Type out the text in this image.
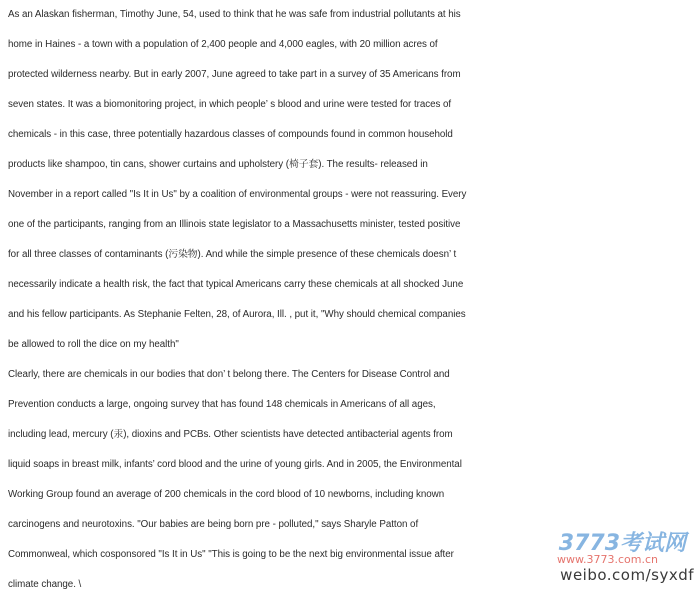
As an Alaskan fisherman, Timothy June, 54, used to think that he was safe from industrial pollutants at his
home in Haines - a town with a population of 2,400 people and 4,000 eagles, with 20 million acres of
protected wilderness nearby. But in early 2007, June agreed to take part in a survey of 35 Americans from
seven states. It was a biomonitoring project, in which people’ s blood and urine were tested for traces of
chemicals - in this case, three potentially hazardous classes of compounds found in common household
products like shampoo, tin cans, shower curtains and upholstery (椅子套). The results- released in
November in a report called "Is It in Us" by a coalition of environmental groups - were not reassuring. Every
one of the participants, ranging from an Illinois state legislator to a Massachusetts minister, tested positive
for all three classes of contaminants (污染物). And while the simple presence of these chemicals doesn’ t
necessarily indicate a health risk, the fact that typical Americans carry these chemicals at all shocked June
and his fellow participants. As Stephanie Felten, 28, of Aurora, Ill. , put it, "Why should chemical companies
be allowed to roll the dice on my health"
Clearly, there are chemicals in our bodies that don’ t belong there. The Centers for Disease Control and
Prevention conducts a large, ongoing survey that has found 148 chemicals in Americans of all ages,
including lead, mercury (汞), dioxins and PCBs. Other scientists have detected antibacterial agents from
liquid soaps in breast milk, infants’ cord blood and the urine of young girls. And in 2005, the Environmental
Working Group found an average of 200 chemicals in the cord blood of 10 newborns, including known
carcinogens and neurotoxins. "Our babies are being born pre - polluted," says Sharyle Patton of
Commonweal, which cosponsored "Is It in Us" "This is going to be the next big environmental issue after
climate change. \
3773考试网
www.3773.com.cn
weibo.com/syxdf
